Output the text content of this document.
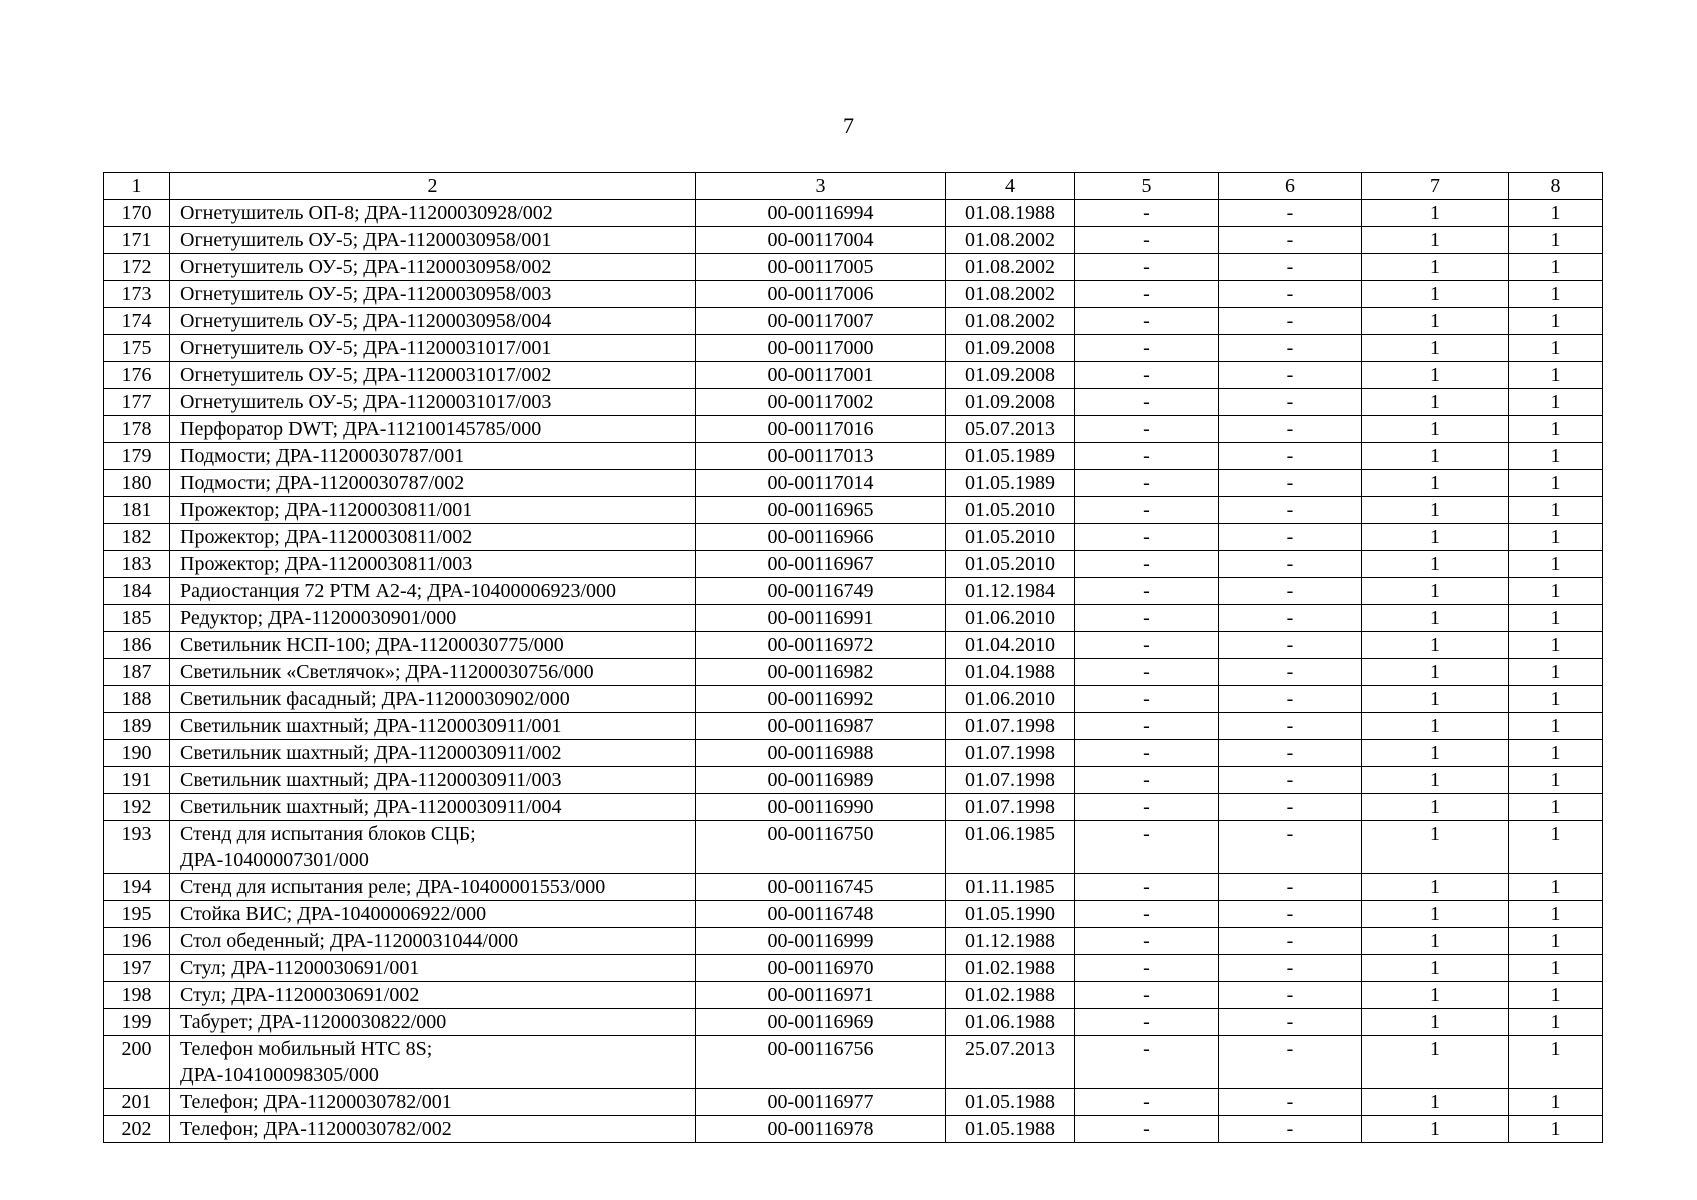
7
1	2	3	4	5	6	7	8
170	Огнетушитель ОП-8; ДРА-11200030928/002	00-00116994	01.08.1988	-	-	1	1
171	Огнетушитель ОУ-5; ДРА-11200030958/001	00-00117004	01.08.2002	-	-	1	1
172	Огнетушитель ОУ-5; ДРА-11200030958/002	00-00117005	01.08.2002	-	-	1	1
173	Огнетушитель ОУ-5; ДРА-11200030958/003	00-00117006	01.08.2002	-	-	1	1
174	Огнетушитель ОУ-5; ДРА-11200030958/004	00-00117007	01.08.2002	-	-	1	1
175	Огнетушитель ОУ-5; ДРА-11200031017/001	00-00117000	01.09.2008	-	-	1	1
176	Огнетушитель ОУ-5; ДРА-11200031017/002	00-00117001	01.09.2008	-	-	1	1
177	Огнетушитель ОУ-5; ДРА-11200031017/003	00-00117002	01.09.2008	-	-	1	1
178	Перфоратор DWT; ДРА-112100145785/000	00-00117016	05.07.2013	-	-	1	1
179	Подмости; ДРА-11200030787/001	00-00117013	01.05.1989	-	-	1	1
180	Подмости; ДРА-11200030787/002	00-00117014	01.05.1989	-	-	1	1
181	Прожектор; ДРА-11200030811/001	00-00116965	01.05.2010	-	-	1	1
182	Прожектор; ДРА-11200030811/002	00-00116966	01.05.2010	-	-	1	1
183	Прожектор; ДРА-11200030811/003	00-00116967	01.05.2010	-	-	1	1
184	Радиостанция 72 РТМ А2-4; ДРА-10400006923/000	00-00116749	01.12.1984	-	-	1	1
185	Редуктор; ДРА-11200030901/000	00-00116991	01.06.2010	-	-	1	1
186	Светильник НСП-100; ДРА-11200030775/000	00-00116972	01.04.2010	-	-	1	1
187	Светильник «Светлячок»; ДРА-11200030756/000	00-00116982	01.04.1988	-	-	1	1
188	Светильник фасадный; ДРА-11200030902/000	00-00116992	01.06.2010	-	-	1	1
189	Светильник шахтный; ДРА-11200030911/001	00-00116987	01.07.1998	-	-	1	1
190	Светильник шахтный; ДРА-11200030911/002	00-00116988	01.07.1998	-	-	1	1
191	Светильник шахтный; ДРА-11200030911/003	00-00116989	01.07.1998	-	-	1	1
192	Светильник шахтный; ДРА-11200030911/004	00-00116990	01.07.1998	-	-	1	1
193	Стенд для испытания блоков СЦБ;
ДРА-10400007301/000	00-00116750	01.06.1985	-	-	1	1
194	Стенд для испытания реле; ДРА-10400001553/000	00-00116745	01.11.1985	-	-	1	1
195	Стойка ВИС; ДРА-10400006922/000	00-00116748	01.05.1990	-	-	1	1
196	Стол обеденный; ДРА-11200031044/000	00-00116999	01.12.1988	-	-	1	1
197	Стул; ДРА-11200030691/001	00-00116970	01.02.1988	-	-	1	1
198	Стул; ДРА-11200030691/002	00-00116971	01.02.1988	-	-	1	1
199	Табурет; ДРА-11200030822/000	00-00116969	01.06.1988	-	-	1	1
200	Телефон мобильный HTC 8S;
ДРА-104100098305/000	00-00116756	25.07.2013	-	-	1	1
201	Телефон; ДРА-11200030782/001	00-00116977	01.05.1988	-	-	1	1
202	Телефон; ДРА-11200030782/002	00-00116978	01.05.1988	-	-	1	1
